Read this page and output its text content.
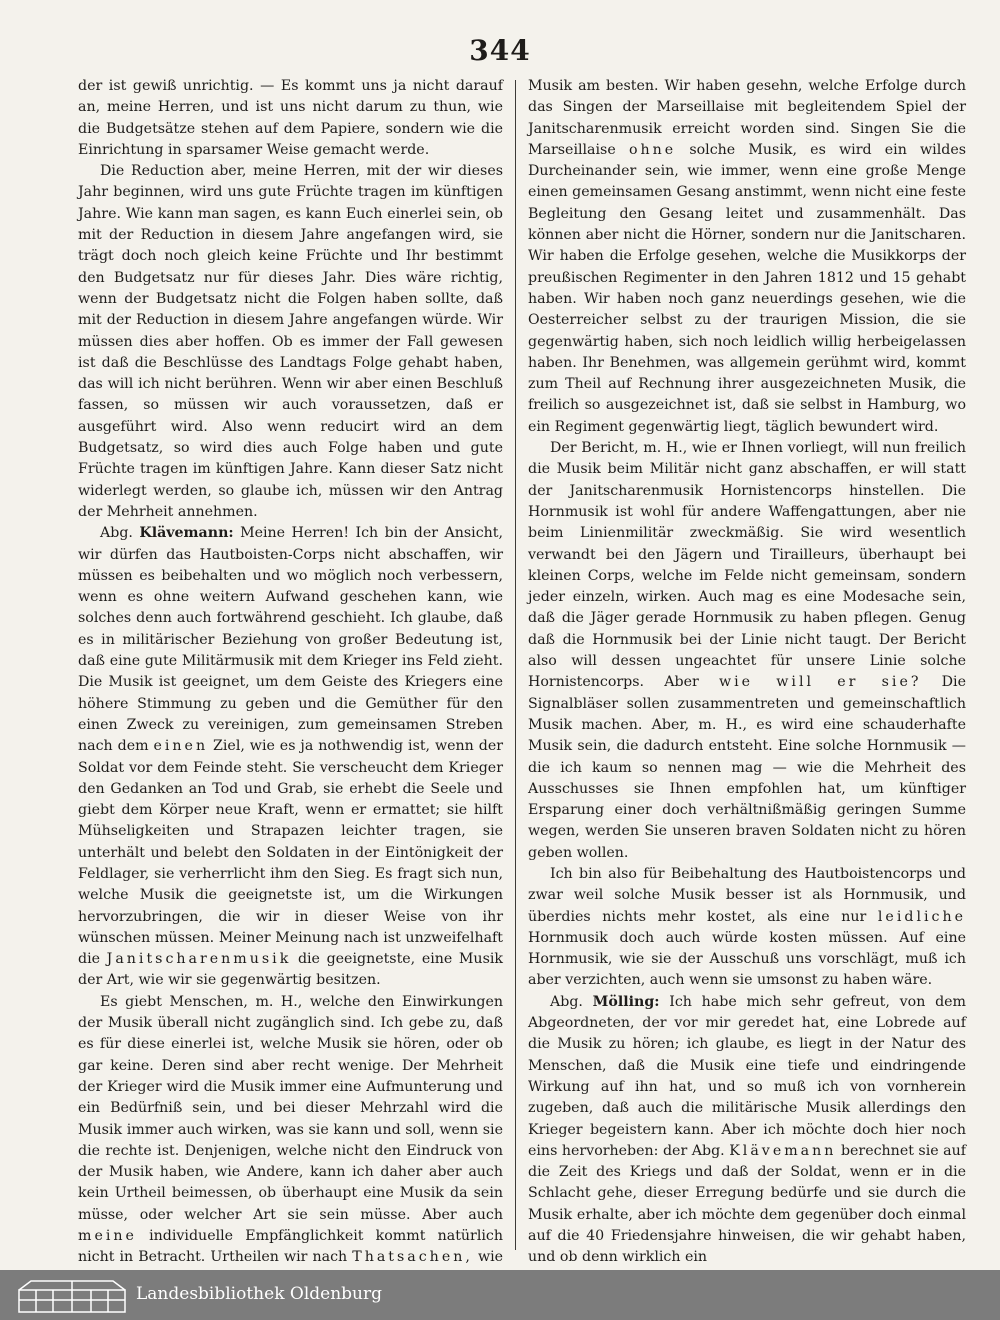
344

der ist gewiß unrichtig. — Es kommt uns ja nicht darauf an, meine Herren, und ist uns nicht darum zu thun, wie die Budgetsätze stehen auf dem Papiere, sondern wie die Einrichtung in sparsamer Weise gemacht werde.

Die Reduction aber, meine Herren, mit der wir dieses Jahr beginnen, wird uns gute Früchte tragen im künftigen Jahre. Wie kann man sagen, es kann Euch einerlei sein, ob mit der Reduction in diesem Jahre angefangen wird, sie trägt doch noch gleich keine Früchte und Ihr bestimmt den Budgetsatz nur für dieses Jahr. Dies wäre richtig, wenn der Budgetsatz nicht die Folgen haben sollte, daß mit der Reduction in diesem Jahre angefangen würde. Wir müssen dies aber hoffen. Ob es immer der Fall gewesen ist daß die Beschlüsse des Landtags Folge gehabt haben, das will ich nicht berühren. Wenn wir aber einen Beschluß fassen, so müssen wir auch voraussetzen, daß er ausgeführt wird. Also wenn reducirt wird an dem Budgetsatz, so wird dies auch Folge haben und gute Früchte tragen im künftigen Jahre. Kann dieser Satz nicht widerlegt werden, so glaube ich, müssen wir den Antrag der Mehrheit annehmen.

Abg. Klävemann: Meine Herren! Ich bin der Ansicht, wir dürfen das Hautboisten-Corps nicht abschaffen, wir müssen es beibehalten und wo möglich noch verbessern, wenn es ohne weitern Aufwand geschehen kann, wie solches denn auch fortwährend geschieht. Ich glaube, daß es in militärischer Beziehung von großer Bedeutung ist, daß eine gute Militärmusik mit dem Krieger ins Feld zieht. Die Musik ist geeignet, um dem Geiste des Kriegers eine höhere Stimmung zu geben und die Gemüther für den einen Zweck zu vereinigen, zum gemeinsamen Streben nach dem einen Ziel, wie es ja nothwendig ist, wenn der Soldat vor dem Feinde steht. Sie verscheucht dem Krieger den Gedanken an Tod und Grab, sie erhebt die Seele und giebt dem Körper neue Kraft, wenn er ermattet; sie hilft Mühseligkeiten und Strapazen leichter tragen, sie unterhält und belebt den Soldaten in der Eintönigkeit der Feldlager, sie verherrlicht ihm den Sieg. Es fragt sich nun, welche Musik die geeignetste ist, um die Wirkungen hervorzubringen, die wir in dieser Weise von ihr wünschen müssen. Meiner Meinung nach ist unzweifelhaft die Janitscharenmusik die geeignetste, eine Musik der Art, wie wir sie gegenwärtig besitzen.

Es giebt Menschen, m. H., welche den Einwirkungen der Musik überall nicht zugänglich sind. Ich gebe zu, daß es für diese einerlei ist, welche Musik sie hören, oder ob gar keine. Deren sind aber recht wenige. Der Mehrheit der Krieger wird die Musik immer eine Aufmunterung und ein Bedürfniß sein, und bei dieser Mehrzahl wird die Musik immer auch wirken, was sie kann und soll, wenn sie die rechte ist. Denjenigen, welche nicht den Eindruck von der Musik haben, wie Andere, kann ich daher aber auch kein Urtheil beimessen, ob überhaupt eine Musik da sein müsse, oder welcher Art sie sein müsse. Aber auch meine individuelle Empfänglichkeit kommt natürlich nicht in Betracht. Urtheilen wir nach Thatsachen, wie

Musik am besten. Wir haben gesehn, welche Erfolge durch das Singen der Marseillaise mit begleitendem Spiel der Janitscharenmusik erreicht worden sind. Singen Sie die Marseillaise ohne solche Musik, es wird ein wildes Durcheinander sein, wie immer, wenn eine große Menge einen gemeinsamen Gesang anstimmt, wenn nicht eine feste Begleitung den Gesang leitet und zusammenhält. Das können aber nicht die Hörner, sondern nur die Janitscharen. Wir haben die Erfolge gesehen, welche die Musikkorps der preußischen Regimenter in den Jahren 1812 und 15 gehabt haben. Wir haben noch ganz neuerdings gesehen, wie die Oesterreicher selbst zu der traurigen Mission, die sie gegenwärtig haben, sich noch leidlich willig herbeigelassen haben. Ihr Benehmen, was allgemein gerühmt wird, kommt zum Theil auf Rechnung ihrer ausgezeichneten Musik, die freilich so ausgezeichnet ist, daß sie selbst in Hamburg, wo ein Regiment gegenwärtig liegt, täglich bewundert wird.

Der Bericht, m. H., wie er Ihnen vorliegt, will nun freilich die Musik beim Militär nicht ganz abschaffen, er will statt der Janitscharenmusik Hornistencorps hinstellen. Die Hornmusik ist wohl für andere Waffengattungen, aber nie beim Linienmilitär zweckmäßig. Sie wird wesentlich verwandt bei den Jägern und Tirailleurs, überhaupt bei kleinen Corps, welche im Felde nicht gemeinsam, sondern jeder einzeln, wirken. Auch mag es eine Modesache sein, daß die Jäger gerade Hornmusik zu haben pflegen. Genug daß die Hornmusik bei der Linie nicht taugt. Der Bericht also will dessen ungeachtet für unsere Linie solche Hornistencorps. Aber wie will er sie? Die Signalbläser sollen zusammentreten und gemeinschaftlich Musik machen. Aber, m. H., es wird eine schauderhafte Musik sein, die dadurch entsteht. Eine solche Hornmusik — die ich kaum so nennen mag — wie die Mehrheit des Ausschusses sie Ihnen empfohlen hat, um künftiger Ersparung einer doch verhältnißmäßig geringen Summe wegen, werden Sie unseren braven Soldaten nicht zu hören geben wollen.

Ich bin also für Beibehaltung des Hautboistencorps und zwar weil solche Musik besser ist als Hornmusik, und überdies nichts mehr kostet, als eine nur leidliche Hornmusik doch auch würde kosten müssen. Auf eine Hornmusik, wie sie der Ausschuß uns vorschlägt, muß ich aber verzichten, auch wenn sie umsonst zu haben wäre.

Abg. Mölling: Ich habe mich sehr gefreut, von dem Abgeordneten, der vor mir geredet hat, eine Lobrede auf die Musik zu hören; ich glaube, es liegt in der Natur des Menschen, daß die Musik eine tiefe und eindringende Wirkung auf ihn hat, und so muß ich von vornherein zugeben, daß auch die militärische Musik allerdings den Krieger begeistern kann. Aber ich möchte doch hier noch eins hervorheben: der Abg. Klävemann berechnet sie auf die Zeit des Kriegs und daß der Soldat, wenn er in die Schlacht gehe, dieser Erregung bedürfe und sie durch die Musik erhalte, aber ich möchte dem gegenüber doch einmal auf die 40 Friedensjahre hinweisen, die wir gehabt haben, und ob denn wirklich ein

Landesbibliothek Oldenburg
